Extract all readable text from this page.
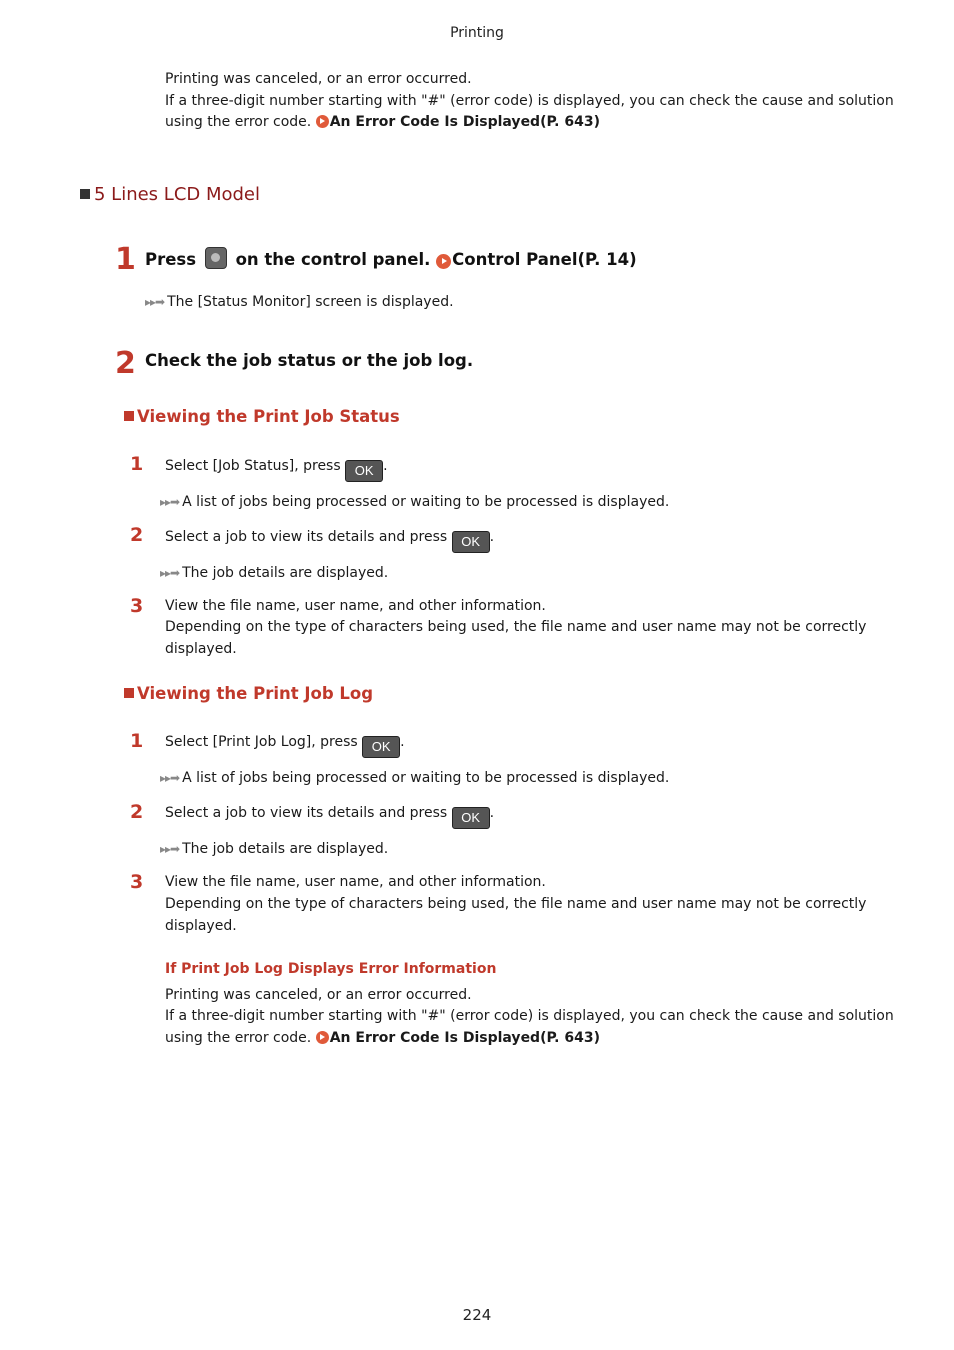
Printing
Printing was canceled, or an error occurred.
If a three-digit number starting with "#" (error code) is displayed, you can check the cause and solution
using the error code. An Error Code Is Displayed(P. 643)
5 Lines LCD Model
1 Press on the control panel. Control Panel(P. 14)
▸▸➡ The [Status Monitor] screen is displayed.
2 Check the job status or the job log.
Viewing the Print Job Status
1 Select [Job Status], press OK .
▸▸➡ A list of jobs being processed or waiting to be processed is displayed.
2 Select a job to view its details and press OK .
▸▸➡ The job details are displayed.
3 View the file name, user name, and other information.
Depending on the type of characters being used, the file name and user name may not be correctly
displayed.
Viewing the Print Job Log
1 Select [Print Job Log], press OK .
▸▸➡ A list of jobs being processed or waiting to be processed is displayed.
2 Select a job to view its details and press OK .
▸▸➡ The job details are displayed.
3 View the file name, user name, and other information.
Depending on the type of characters being used, the file name and user name may not be correctly
displayed.
If Print Job Log Displays Error Information
Printing was canceled, or an error occurred.
If a three-digit number starting with "#" (error code) is displayed, you can check the cause and solution
using the error code. An Error Code Is Displayed(P. 643)
224
